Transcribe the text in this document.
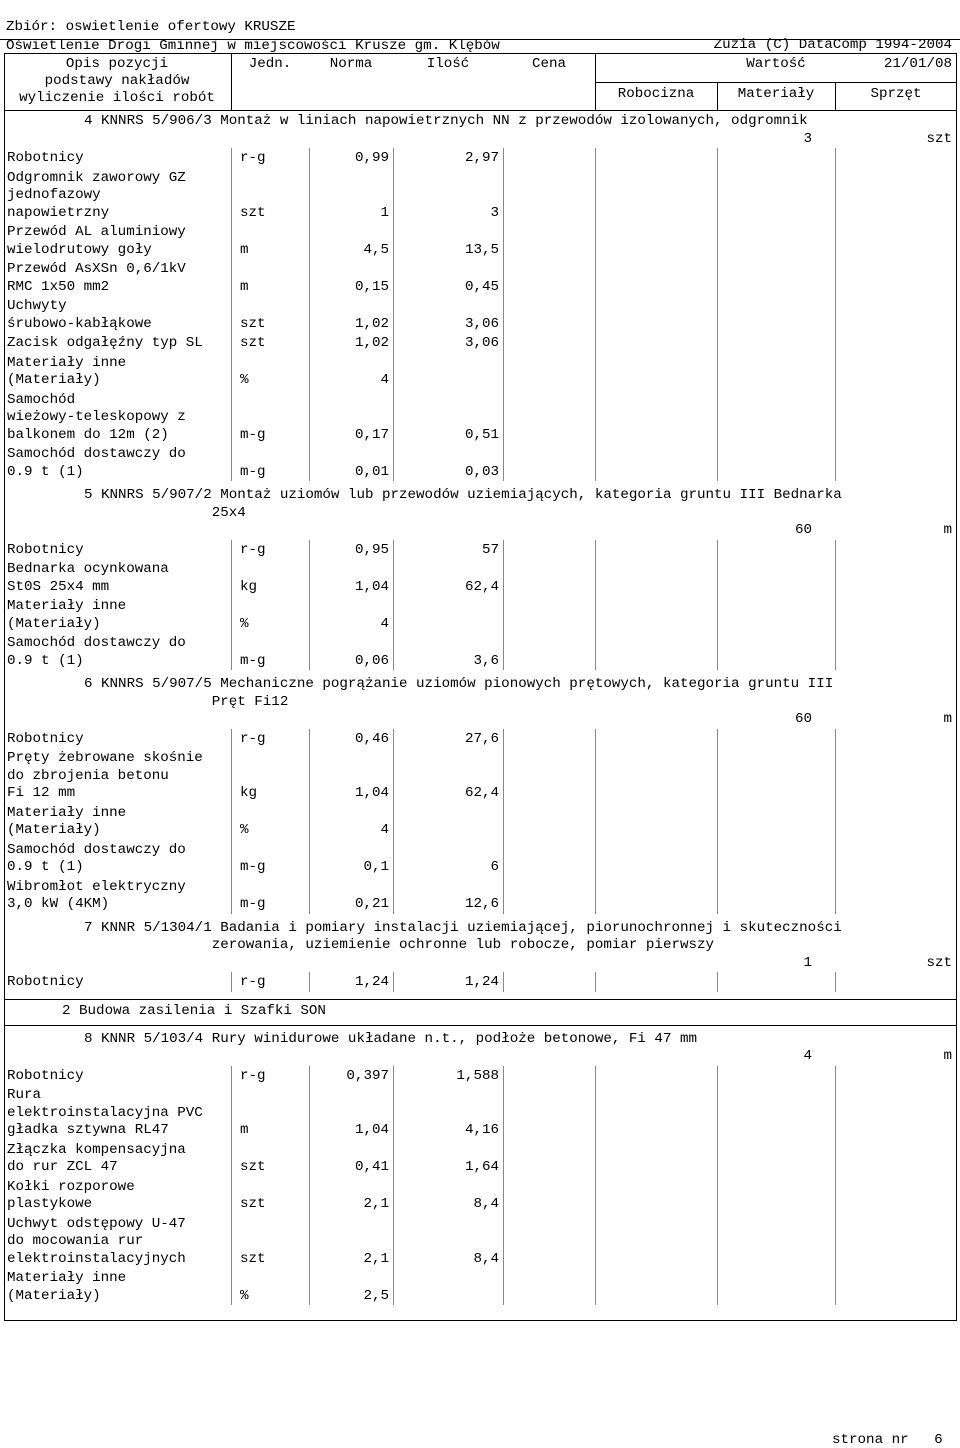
Zbiór: oswietlenie ofertowy KRUSZE

Zuzia (C) DataComp 1994-2004

Oświetlenie Drogi Gminnej w miejscowości Krusze gm. Klębów

21/01/08

Opis pozycji
podstawy nakładów
wyliczenie ilości robót
Jedn.	Norma	Ilość	Cena	Wartość
Robocizna	Materiały	Sprzęt
4 KNNRS 5/906/3 Montaż w liniach napowietrznych NN z przewodów izolowanych, odgromnik
3	szt
Robotnicy	r-g	0,99	2,97
Odgromnik zaworowy GZ
jednofazowy
napowietrzny	szt	1	3
Przewód AL aluminiowy
wielodrutowy goły	m	4,5	13,5
Przewód AsXSn 0,6/1kV
RMC 1x50 mm2	m	0,15	0,45
Uchwyty
śrubowo-kabłąkowe	szt	1,02	3,06
Zacisk odgałęźny typ SL	szt	1,02	3,06
Materiały inne
(Materiały)	%	4
Samochód
wieżowy-teleskopowy z
balkonem do 12m (2)	m-g	0,17	0,51
Samochód dostawczy do
0.9 t (1)	m-g	0,01	0,03
5 KNNRS 5/907/2 Montaż uziomów lub przewodów uziemiających, kategoria gruntu III Bednarka
25x4
60	m
Robotnicy	r-g	0,95	57
Bednarka ocynkowana
St0S 25x4 mm	kg	1,04	62,4
Materiały inne
(Materiały)	%	4
Samochód dostawczy do
0.9 t (1)	m-g	0,06	3,6
6 KNNRS 5/907/5 Mechaniczne pogrążanie uziomów pionowych prętowych, kategoria gruntu III
Pręt Fi12
60	m
Robotnicy	r-g	0,46	27,6
Pręty żebrowane skośnie
do zbrojenia betonu
Fi 12 mm	kg	1,04	62,4
Materiały inne
(Materiały)	%	4
Samochód dostawczy do
0.9 t (1)	m-g	0,1	6
Wibromłot elektryczny
3,0 kW (4KM)	m-g	0,21	12,6
7 KNNR 5/1304/1 Badania i pomiary instalacji uziemiającej, piorunochronnej i skuteczności
zerowania, uziemienie ochronne lub robocze, pomiar pierwszy
1	szt
Robotnicy	r-g	1,24	1,24
2 Budowa zasilenia i Szafki SON
8 KNNR 5/103/4 Rury winidurowe układane n.t., podłoże betonowe, Fi 47 mm
4	m
Robotnicy	r-g	0,397	1,588
Rura
elektroinstalacyjna PVC
gładka sztywna RL47	m	1,04	4,16
Złączka kompensacyjna
do rur ZCL 47	szt	0,41	1,64
Kołki rozporowe
plastykowe	szt	2,1	8,4
Uchwyt odstępowy U-47
do mocowania rur
elektroinstalacyjnych	szt	2,1	8,4
Materiały inne
(Materiały)	%	2,5
strona nr   6
